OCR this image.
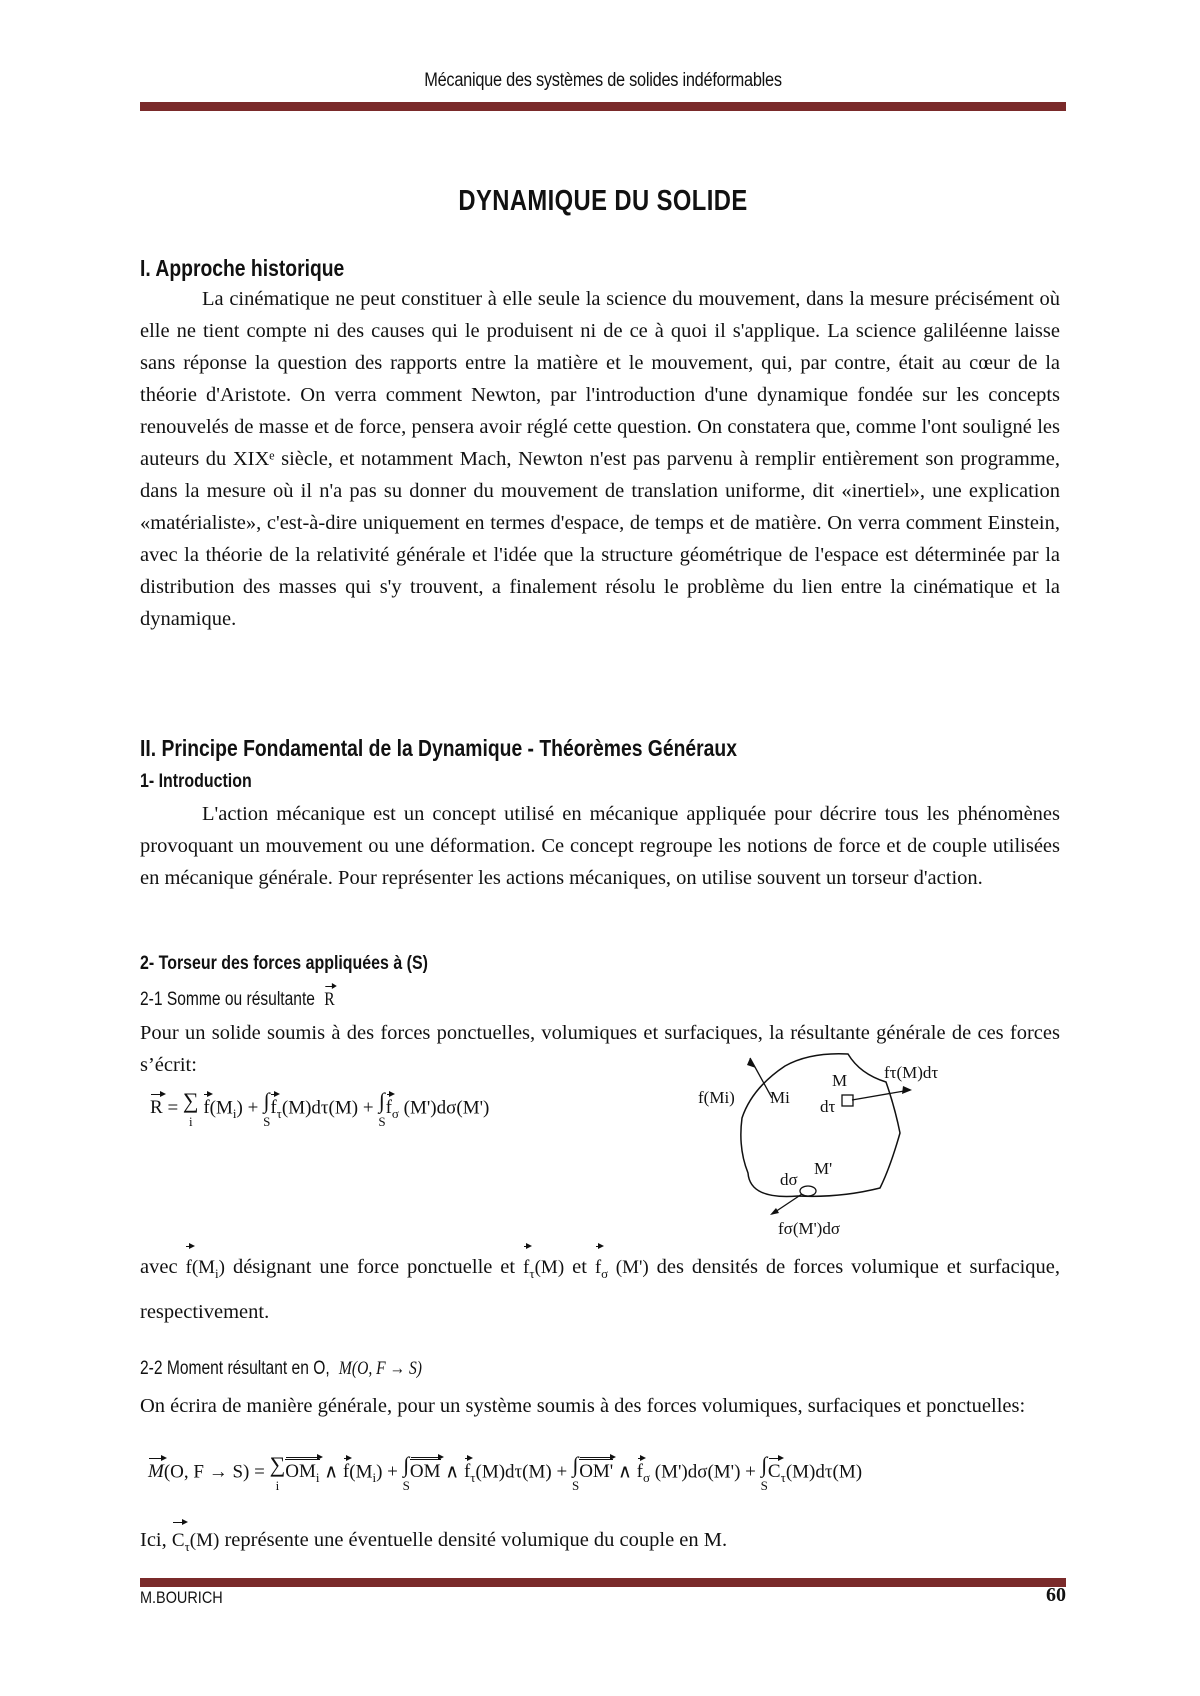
Mécanique des systèmes de solides indéformables
DYNAMIQUE DU SOLIDE
I. Approche historique
La cinématique ne peut constituer à elle seule la science du mouvement, dans la mesure précisément où elle ne tient compte ni des causes qui le produisent ni de ce à quoi il s'applique. La science galiléenne laisse sans réponse la question des rapports entre la matière et le mouvement, qui, par contre, était au cœur de la théorie d'Aristote. On verra comment Newton, par l'introduction d'une dynamique fondée sur les concepts renouvelés de masse et de force, pensera avoir réglé cette question. On constatera que, comme l'ont souligné les auteurs du XIXᵉ siècle, et notamment Mach, Newton n'est pas parvenu à remplir entièrement son programme, dans la mesure où il n'a pas su donner du mouvement de translation uniforme, dit «inertiel», une explication «matérialiste», c'est-à-dire uniquement en termes d'espace, de temps et de matière. On verra comment Einstein, avec la théorie de la relativité générale et l'idée que la structure géométrique de l'espace est déterminée par la distribution des masses qui s'y trouvent, a finalement résolu le problème du lien entre la cinématique et la dynamique.
II. Principe Fondamental de la Dynamique - Théorèmes Généraux
1- Introduction
L'action mécanique est un concept utilisé en mécanique appliquée pour décrire tous les phénomènes provoquant un mouvement ou une déformation. Ce concept regroupe les notions de force et de couple utilisées en mécanique générale. Pour représenter les actions mécaniques, on utilise souvent un torseur d'action.
2- Torseur des forces appliquées à (S)
2-1 Somme ou résultante R
Pour un solide soumis à des forces ponctuelles, volumiques et surfaciques, la résultante générale de ces forces s’écrit:
R = ∑
i
$f(M_i)$ + ∫
S
$f_\tau(M)d\tau(M)$ + ∫
S
$f_\sigma$ (M')dσ(M')	f(Mi) Mi
M
dτ
fτ(M)dτ
dσ
M'
fσ(M')dσ
avec $f(M_i)$ désignant une force ponctuelle et $f_\tau(M)$ et $f_\sigma$ (M') des densités de forces volumique et surfacique, respectivement.
2-2 Moment résultant en O, M(O, F → S)
On écrira de manière générale, pour un système soumis à des forces volumiques, surfaciques et ponctuelles:
M(O, F → S) = ∑
i
$OM_i$ ∧ $f(M_i)$ + ∫
S
OM ∧ $f_\tau(M)d\tau(M)$ + ∫
S
OM' ∧ $f_\sigma$ (M')dσ(M') + ∫
S
$C_\tau(M)d\tau(M)$
Ici, $C_\tau(M)$ représente une éventuelle densité volumique du couple en M.
M.BOURICH	60
